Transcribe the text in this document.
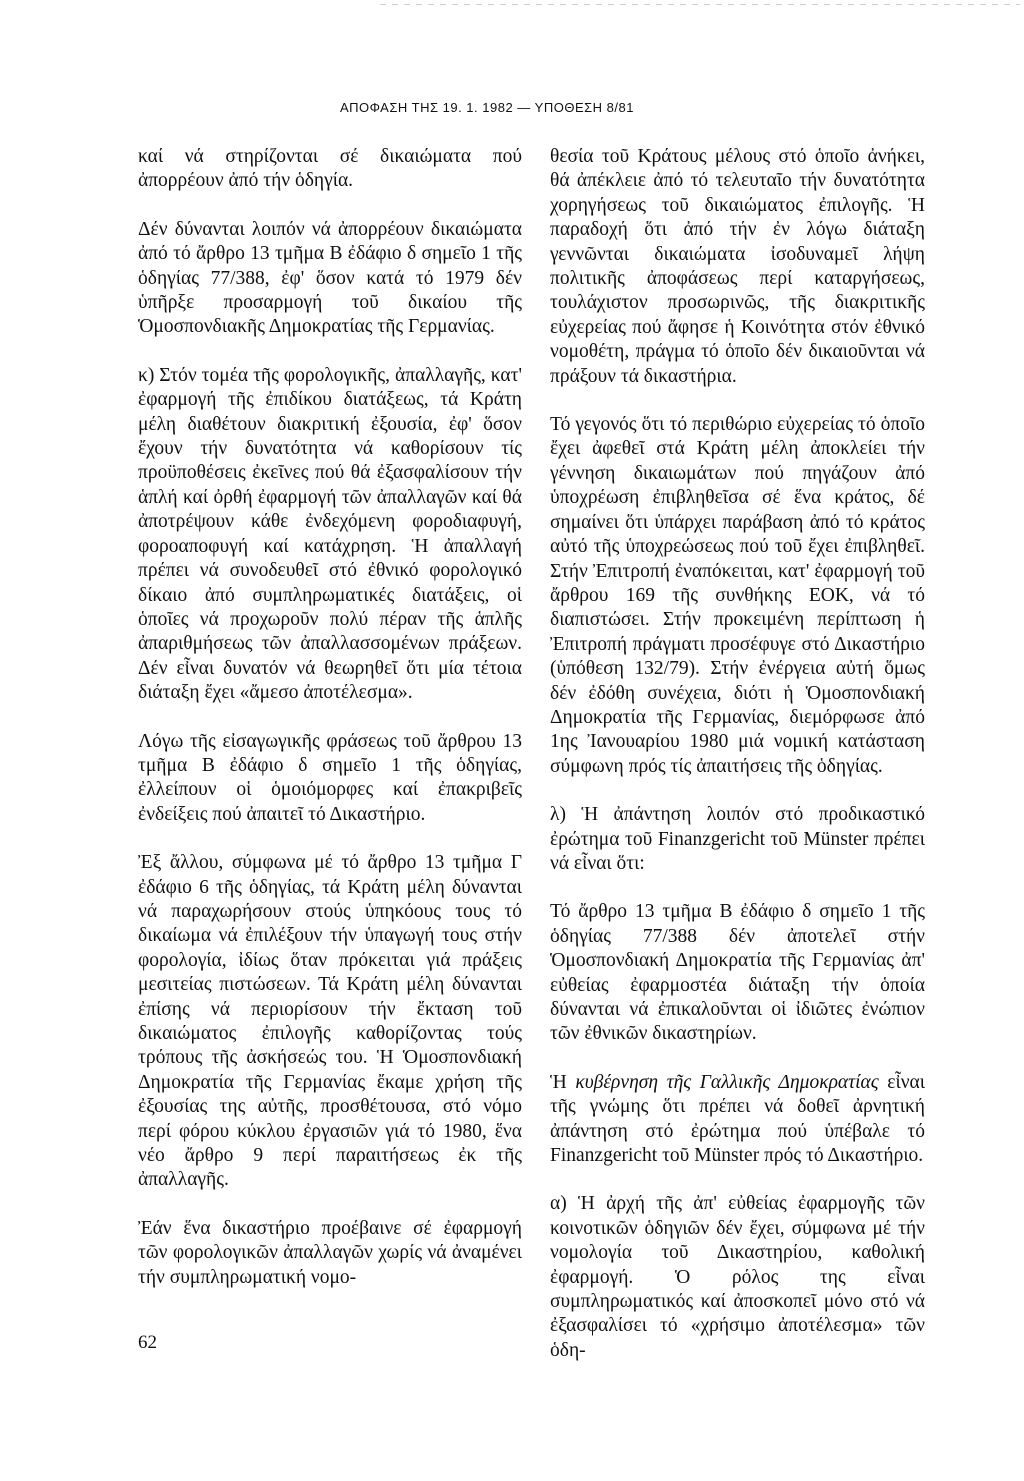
ΑΠΟΦΑΣΗ ΤΗΣ 19. 1. 1982 — ΥΠΟΘΕΣΗ 8/81

καί νά στηρίζονται σέ δικαιώματα πού ἀπορρέουν ἀπό τήν ὁδηγία.

Δέν δύνανται λοιπόν νά ἀπορρέουν δικαιώματα ἀπό τό ἄρθρο 13 τμῆμα Β ἐδάφιο δ σημεῖο 1 τῆς ὁδηγίας 77/388, ἐφ' ὅσον κατά τό 1979 δέν ὑπῆρξε προσαρμογή τοῦ δικαίου τῆς Ὁμοσπονδιακῆς Δημοκρατίας τῆς Γερμανίας.

κ) Στόν τομέα τῆς φορολογικῆς, ἀπαλλαγῆς, κατ' ἐφαρμογή τῆς ἐπιδίκου διατάξεως, τά Κράτη μέλη διαθέτουν διακριτική ἐξουσία, ἐφ' ὅσον ἔχουν τήν δυνατότητα νά καθορίσουν τίς προϋποθέσεις ἐκεῖνες πού θά ἐξασφαλίσουν τήν ἁπλή καί ὀρθή ἐφαρμογή τῶν ἀπαλλαγῶν καί θά ἀποτρέψουν κάθε ἐνδεχόμενη φοροδιαφυγή, φοροαποφυγή καί κατάχρηση. Ἡ ἀπαλλαγή πρέπει νά συνοδευθεῖ στό ἐθνικό φορολογικό δίκαιο ἀπό συμπληρωματικές διατάξεις, οἱ ὁποῖες νά προχωροῦν πολύ πέραν τῆς ἁπλῆς ἀπαριθμήσεως τῶν ἀπαλλασσομένων πράξεων. Δέν εἶναι δυνατόν νά θεωρηθεῖ ὅτι μία τέτοια διάταξη ἔχει «ἄμεσο ἀποτέλεσμα».

Λόγω τῆς εἰσαγωγικῆς φράσεως τοῦ ἄρθρου 13 τμῆμα Β ἐδάφιο δ σημεῖο 1 τῆς ὁδηγίας, ἐλλείπουν οἱ ὁμοιόμορφες καί ἐπακριβεῖς ἐνδείξεις πού ἀπαιτεῖ τό Δικαστήριο.

Ἐξ ἄλλου, σύμφωνα μέ τό ἄρθρο 13 τμῆμα Γ ἐδάφιο 6 τῆς ὁδηγίας, τά Κράτη μέλη δύνανται νά παραχωρήσουν στούς ὑπηκόους τους τό δικαίωμα νά ἐπιλέξουν τήν ὑπαγωγή τους στήν φορολογία, ἰδίως ὅταν πρόκειται γιά πράξεις μεσιτείας πιστώσεων. Τά Κράτη μέλη δύνανται ἐπίσης νά περιορίσουν τήν ἔκταση τοῦ δικαιώματος ἐπιλογῆς καθορίζοντας τούς τρόπους τῆς ἀσκήσεώς του. Ἡ Ὁμοσπονδιακή Δημοκρατία τῆς Γερμανίας ἔκαμε χρήση τῆς ἐξουσίας της αὐτῆς, προσθέτουσα, στό νόμο περί φόρου κύκλου ἐργασιῶν γιά τό 1980, ἕνα νέο ἄρθρο 9 περί παραιτήσεως ἐκ τῆς ἀπαλλαγῆς.

Ἐάν ἕνα δικαστήριο προέβαινε σέ ἐφαρμογή τῶν φορολογικῶν ἀπαλλαγῶν χωρίς νά ἀναμένει τήν συμπληρωματική νομο-

θεσία τοῦ Κράτους μέλους στό ὁποῖο ἀνήκει, θά ἀπέκλειε ἀπό τό τελευταῖο τήν δυνατότητα χορηγήσεως τοῦ δικαιώματος ἐπιλογῆς. Ἡ παραδοχή ὅτι ἀπό τήν ἐν λόγω διάταξη γεννῶνται δικαιώματα ἰσοδυναμεῖ λήψη πολιτικῆς ἀποφάσεως περί καταργήσεως, τουλάχιστον προσωρινῶς, τῆς διακριτικῆς εὐχερείας πού ἄφησε ἡ Κοινότητα στόν ἐθνικό νομοθέτη, πράγμα τό ὁποῖο δέν δικαιοῦνται νά πράξουν τά δικαστήρια.

Τό γεγονός ὅτι τό περιθώριο εὐχερείας τό ὁποῖο ἔχει ἀφεθεῖ στά Κράτη μέλη ἀποκλείει τήν γέννηση δικαιωμάτων πού πηγάζουν ἀπό ὑποχρέωση ἐπιβληθεῖσα σέ ἕνα κράτος, δέ σημαίνει ὅτι ὑπάρχει παράβαση ἀπό τό κράτος αὐτό τῆς ὑποχρεώσεως πού τοῦ ἔχει ἐπιβληθεῖ. Στήν Ἐπιτροπή ἐναπόκειται, κατ' ἐφαρμογή τοῦ ἄρθρου 169 τῆς συνθήκης ΕΟΚ, νά τό διαπιστώσει. Στήν προκειμένη περίπτωση ἡ Ἐπιτροπή πράγματι προσέφυγε στό Δικαστήριο (ὑπόθεση 132/79). Στήν ἐνέργεια αὐτή ὅμως δέν ἐδόθη συνέχεια, διότι ἡ Ὁμοσπονδιακή Δημοκρατία τῆς Γερμανίας, διεμόρφωσε ἀπό 1ης Ἰανουαρίου 1980 μιά νομική κατάσταση σύμφωνη πρός τίς ἀπαιτήσεις τῆς ὁδηγίας.

λ) Ἡ ἀπάντηση λοιπόν στό προδικαστικό ἐρώτημα τοῦ Finanzgericht τοῦ Münster πρέπει νά εἶναι ὅτι:

Τό ἄρθρο 13 τμῆμα Β ἐδάφιο δ σημεῖο 1 τῆς ὁδηγίας 77/388 δέν ἀποτελεῖ στήν Ὁμοσπονδιακή Δημοκρατία τῆς Γερμανίας ἀπ' εὐθείας ἐφαρμοστέα διάταξη τήν ὁποία δύνανται νά ἐπικαλοῦνται οἱ ἰδιῶτες ἐνώπιον τῶν ἐθνικῶν δικαστηρίων.

Ἡ κυβέρνηση τῆς Γαλλικῆς Δημοκρατίας εἶναι τῆς γνώμης ὅτι πρέπει νά δοθεῖ ἀρνητική ἀπάντηση στό ἐρώτημα πού ὑπέβαλε τό Finanzgericht τοῦ Münster πρός τό Δικαστήριο.

α) Ἡ ἀρχή τῆς ἀπ' εὐθείας ἐφαρμογῆς τῶν κοινοτικῶν ὁδηγιῶν δέν ἔχει, σύμφωνα μέ τήν νομολογία τοῦ Δικαστηρίου, καθολική ἐφαρμογή. Ὁ ρόλος της εἶναι συμπληρωματικός καί ἀποσκοπεῖ μόνο στό νά ἐξασφαλίσει τό «χρήσιμο ἀποτέλεσμα» τῶν ὁδη-

62
